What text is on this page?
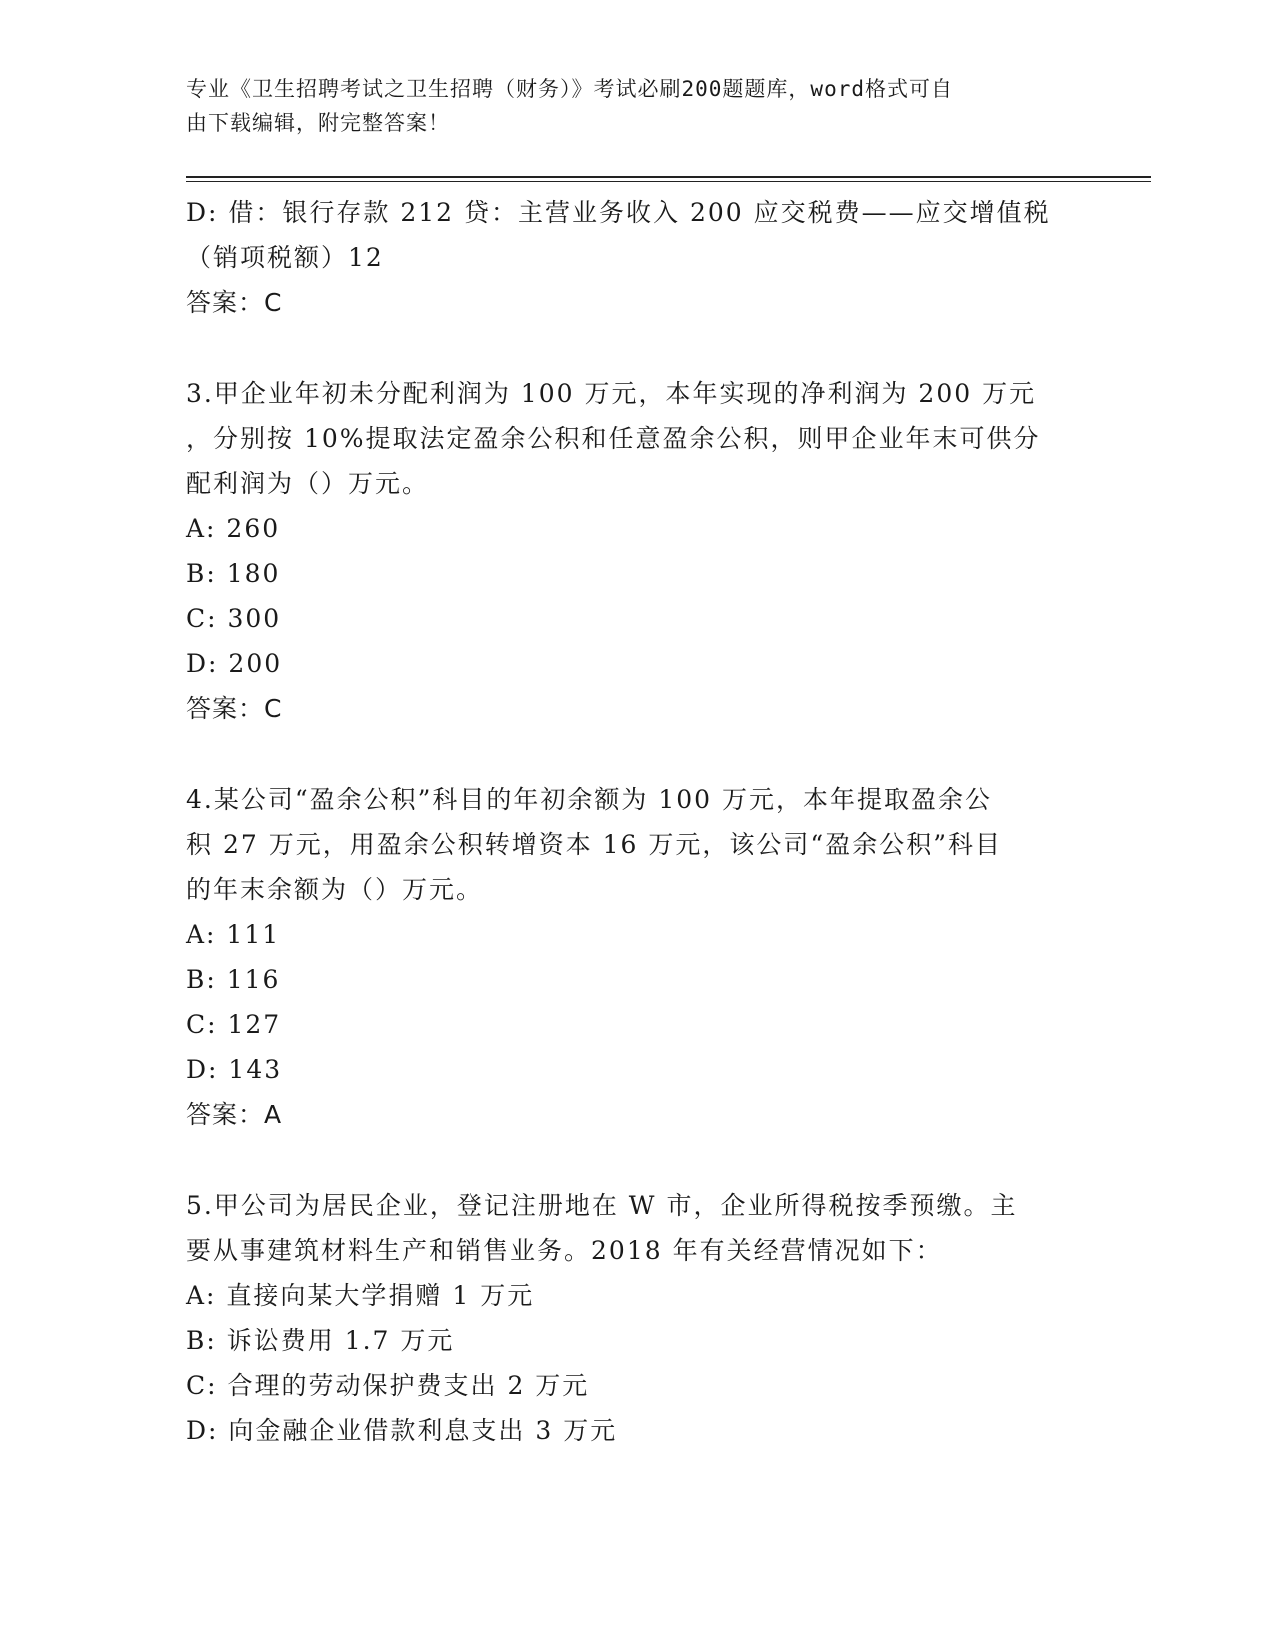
专业《卫生招聘考试之卫生招聘（财务）》考试必刷200题题库，word格式可自
由下载编辑，附完整答案！
D: 借：银行存款 212 贷：主营业务收入 200 应交税费——应交增值税
（销项税额）12
答案：C
3.甲企业年初未分配利润为 100 万元，本年实现的净利润为 200 万元
，分别按 10%提取法定盈余公积和任意盈余公积，则甲企业年末可供分
配利润为（）万元。
A: 260
B: 180
C: 300
D: 200
答案：C
4.某公司“盈余公积”科目的年初余额为 100 万元，本年提取盈余公
积 27 万元，用盈余公积转增资本 16 万元，该公司“盈余公积”科目
的年末余额为（）万元。
A: 111
B: 116
C: 127
D: 143
答案：A
5.甲公司为居民企业，登记注册地在 W 市，企业所得税按季预缴。主
要从事建筑材料生产和销售业务。2018 年有关经营情况如下：
A: 直接向某大学捐赠 1 万元
B: 诉讼费用 1.7 万元
C: 合理的劳动保护费支出 2 万元
D: 向金融企业借款利息支出 3 万元
